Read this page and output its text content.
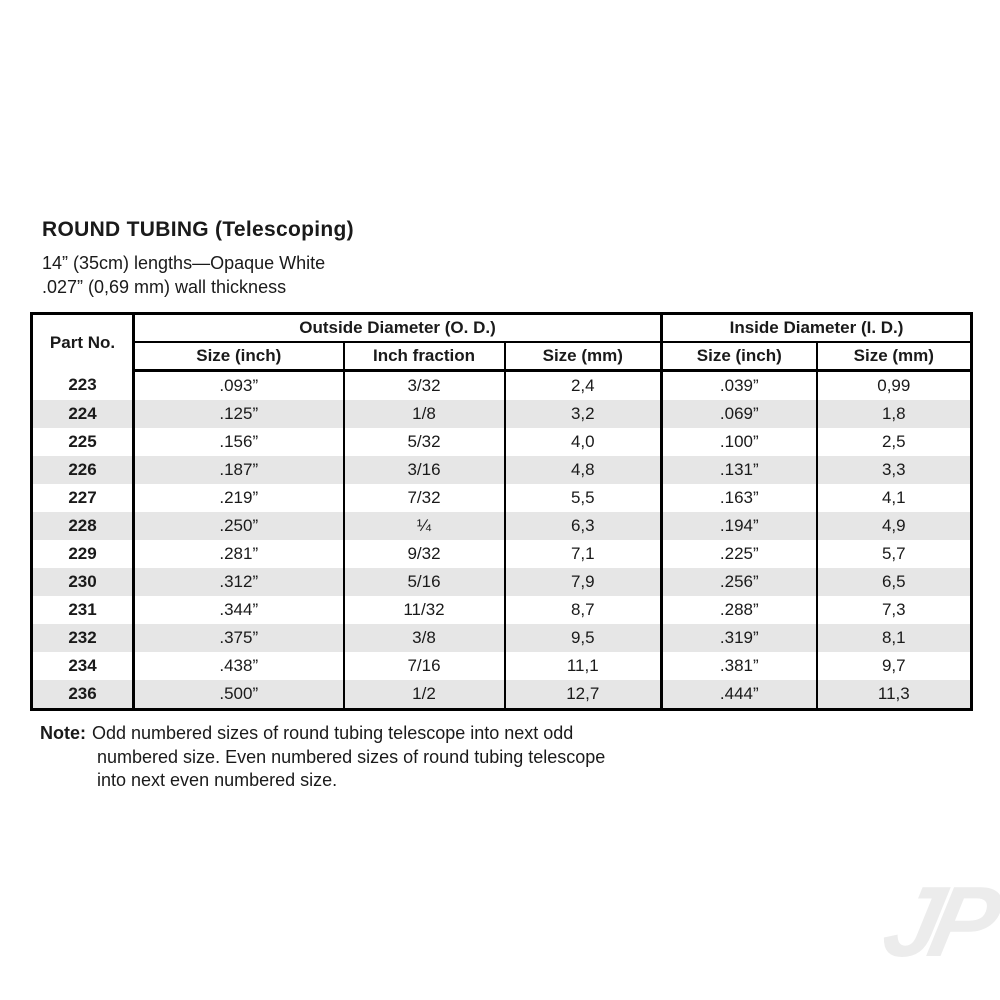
ROUND TUBING (Telescoping)

14” (35cm) lengths—Opaque White

.027” (0,69 mm) wall thickness

Part No.	Outside Diameter (O. D.)			Inside Diameter (I. D.)	
	Size (inch)	Inch fraction	Size (mm)	Size (inch)	Size (mm)
223	.093”	3/32	2,4	.039”	0,99
224	.125”	1/8	3,2	.069”	1,8
225	.156”	5/32	4,0	.100”	2,5
226	.187”	3/16	4,8	.131”	3,3
227	.219”	7/32	5,5	.163”	4,1
228	.250”	¼	6,3	.194”	4,9
229	.281”	9/32	7,1	.225”	5,7
230	.312”	5/16	7,9	.256”	6,5
231	.344”	11/32	8,7	.288”	7,3
232	.375”	3/8	9,5	.319”	8,1
234	.438”	7/16	11,1	.381”	9,7
236	.500”	1/2	12,7	.444”	11,3
Note: Odd numbered sizes of round tubing telescope into next odd
numbered size. Even numbered sizes of round tubing telescope
into next even numbered size.
JP
